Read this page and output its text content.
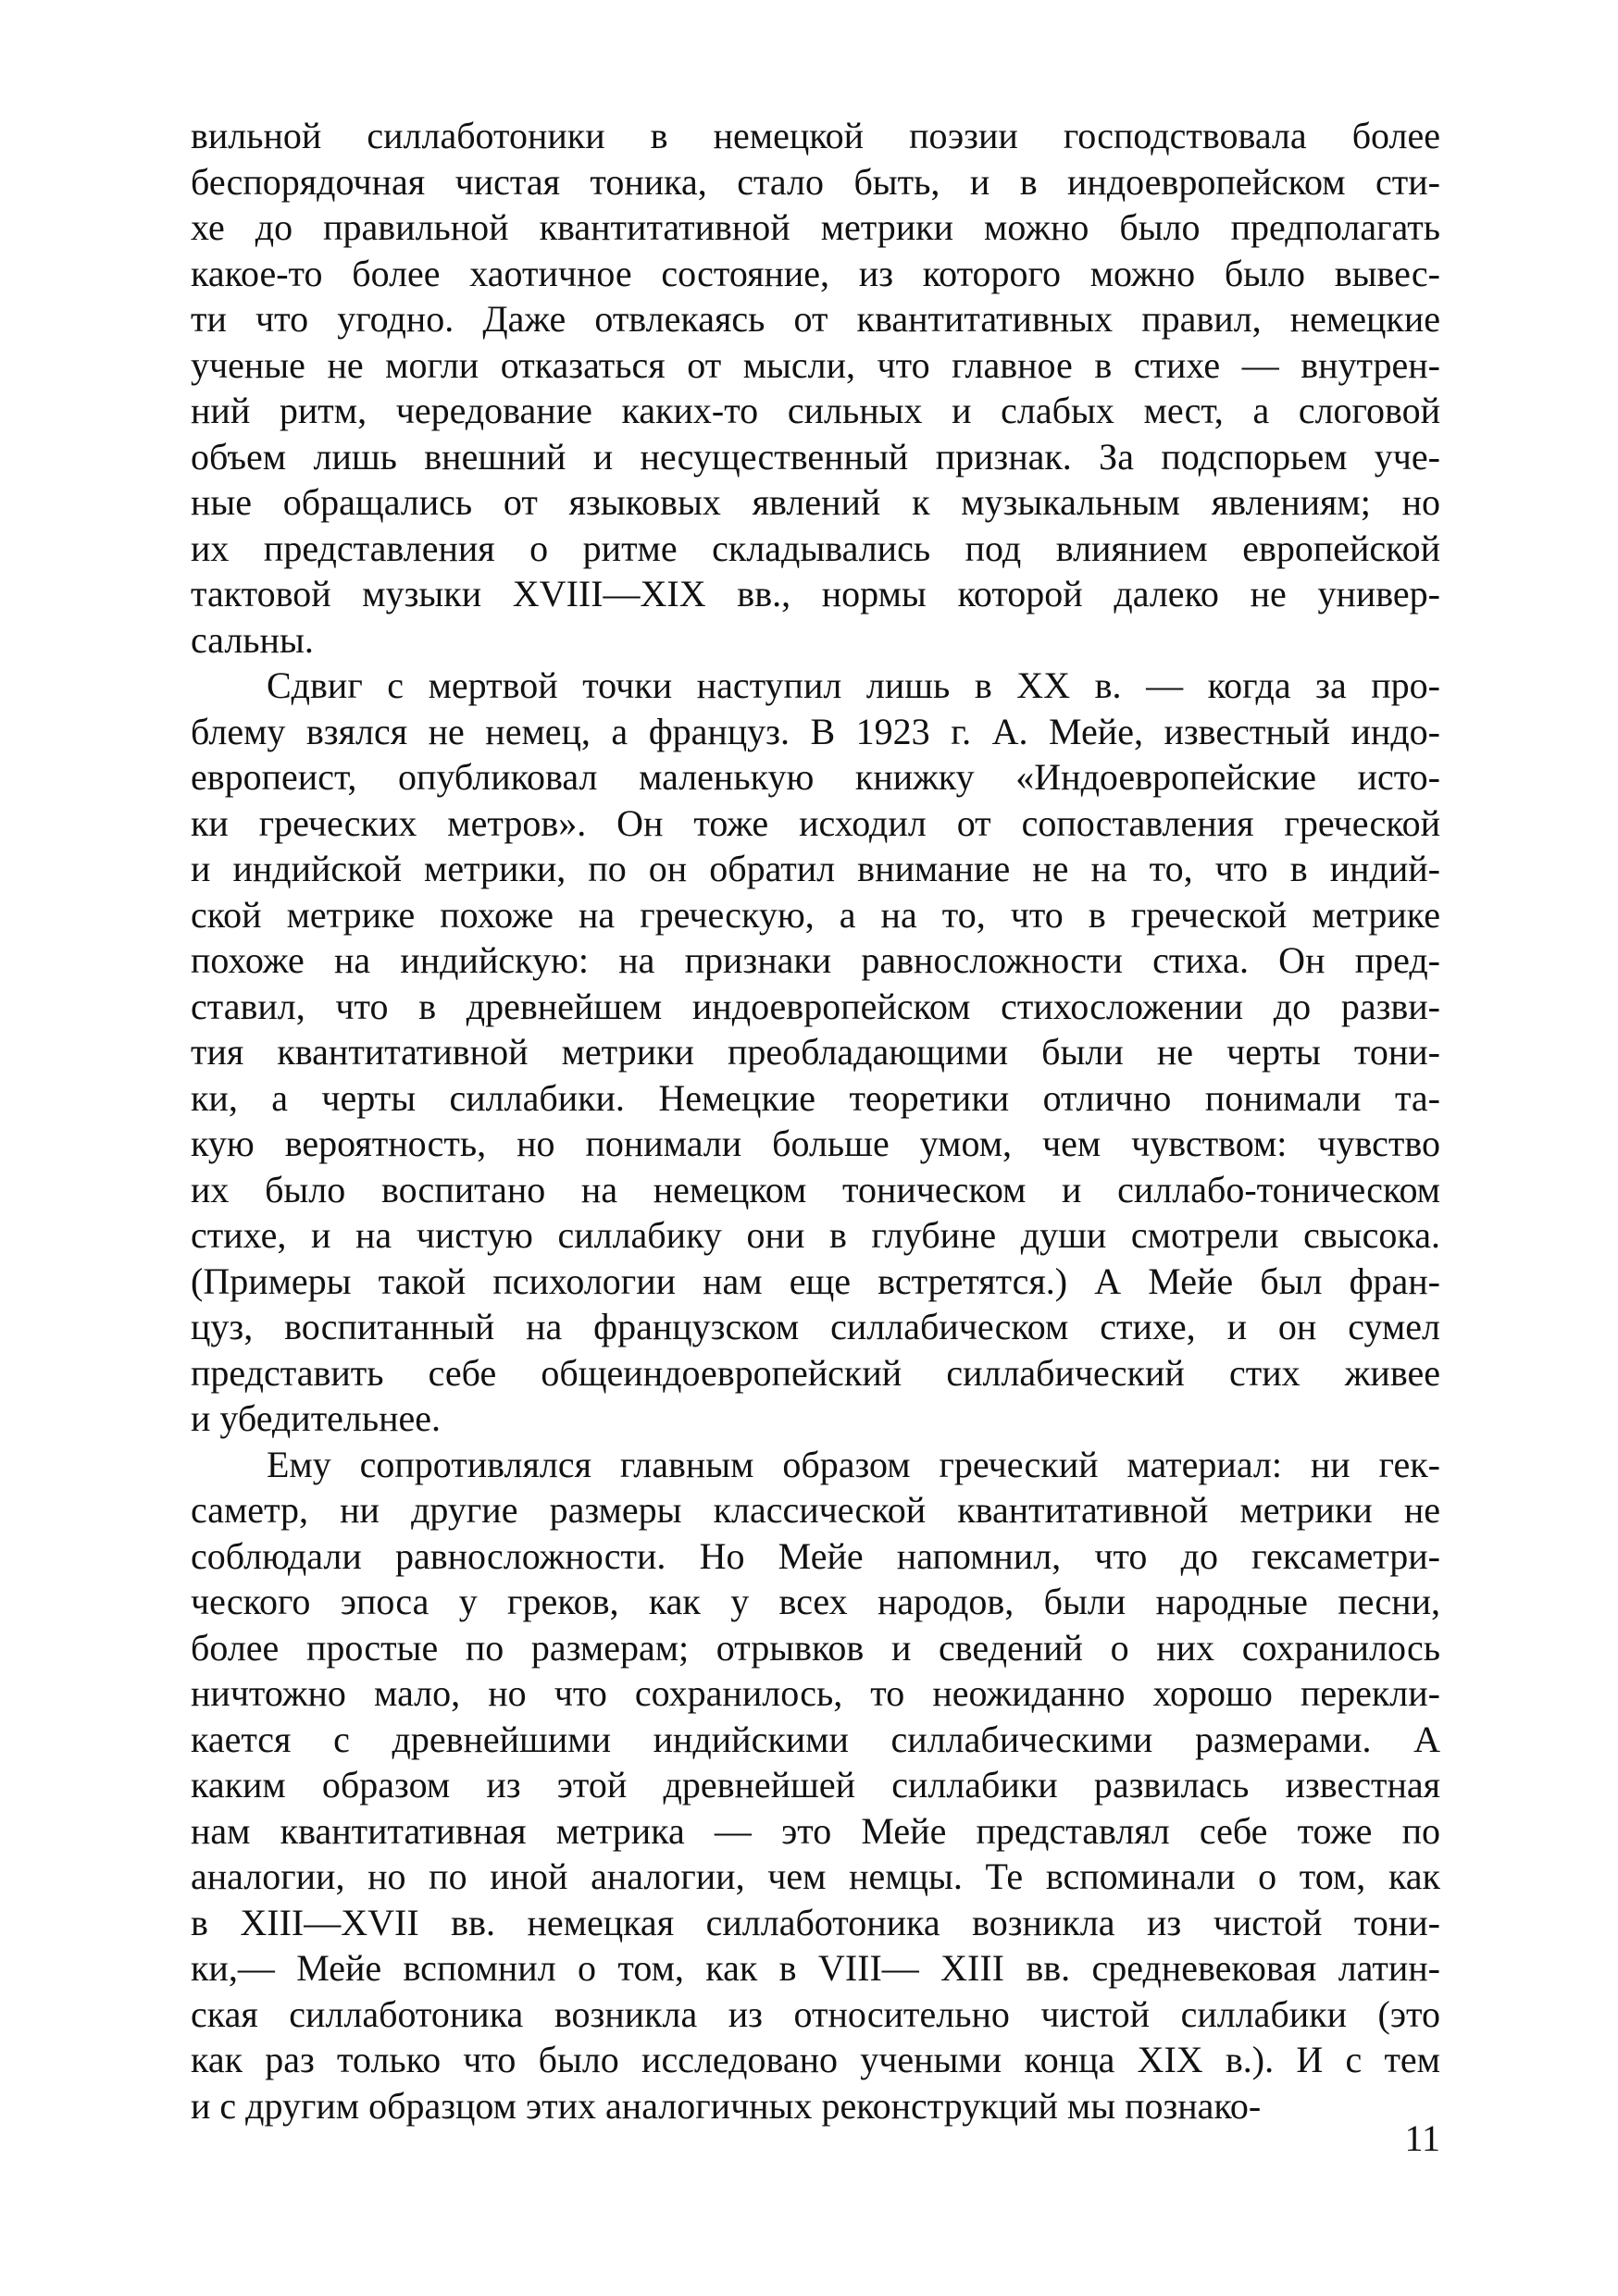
вильной силлаботоники в немецкой поэзии господствовала более
беспорядочная чистая тоника, стало быть, и в индоевропейском сти-
хе до правильной квантитативной метрики можно было предполагать
какое-то более хаотичное состояние, из которого можно было вывес-
ти что угодно. Даже отвлекаясь от квантитативных правил, немецкие
ученые не могли отказаться от мысли, что главное в стихе — внутрен-
ний ритм, чередование каких-то сильных и слабых мест, а слоговой
объем лишь внешний и несущественный признак. За подспорьем уче-
ные обращались от языковых явлений к музыкальным явлениям; но
их представления о ритме складывались под влиянием европейской
тактовой музыки XVIII—XIX вв., нормы которой далеко не универ-
сальны.
Сдвиг с мертвой точки наступил лишь в XX в. — когда за про-
блему взялся не немец, а француз. В 1923 г. А. Мейе, известный индо-
европеист, опубликовал маленькую книжку «Индоевропейские исто-
ки греческих метров». Он тоже исходил от сопоставления греческой
и индийской метрики, по он обратил внимание не на то, что в индий-
ской метрике похоже на греческую, а на то, что в греческой метрике
похоже на индийскую: на признаки равносложности стиха. Он пред-
ставил, что в древнейшем индоевропейском стихосложении до разви-
тия квантитативной метрики преобладающими были не черты тони-
ки, а черты силлабики. Немецкие теоретики отлично понимали та-
кую вероятность, но понимали больше умом, чем чувством: чувство
их было воспитано на немецком тоническом и силлабо-тоническом
стихе, и на чистую силлабику они в глубине души смотрели свысока.
(Примеры такой психологии нам еще встретятся.) А Мейе был фран-
цуз, воспитанный на французском силлабическом стихе, и он сумел
представить себе общеиндоевропейский силлабический стих живее
и убедительнее.
Ему сопротивлялся главным образом греческий материал: ни гек-
саметр, ни другие размеры классической квантитативной метрики не
соблюдали равносложности. Но Мейе напомнил, что до гексаметри-
ческого эпоса у греков, как у всех народов, были народные песни,
более простые по размерам; отрывков и сведений о них сохранилось
ничтожно мало, но что сохранилось, то неожиданно хорошо перекли-
кается с древнейшими индийскими силлабическими размерами. А
каким образом из этой древнейшей силлабики развилась известная
нам квантитативная метрика — это Мейе представлял себе тоже по
аналогии, но по иной аналогии, чем немцы. Те вспоминали о том, как
в XIII—XVII вв. немецкая силлаботоника возникла из чистой тони-
ки,— Мейе вспомнил о том, как в VIII— XIII вв. средневековая латин-
ская силлаботоника возникла из относительно чистой силлабики (это
как раз только что было исследовано учеными конца XIX в.). И с тем
и с другим образцом этих аналогичных реконструкций мы познако-
11
